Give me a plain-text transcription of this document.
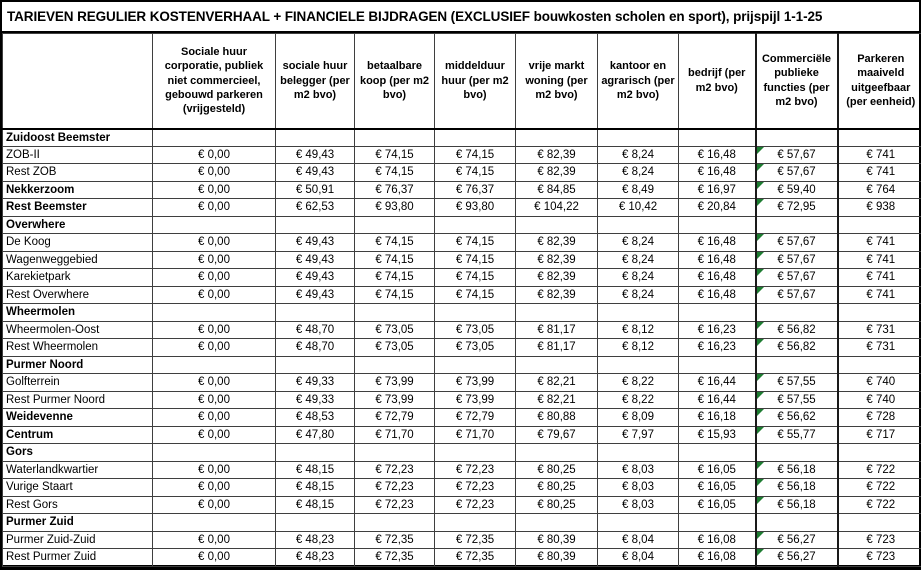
TARIEVEN REGULIER KOSTENVERHAAL + FINANCIELE BIJDRAGEN (EXCLUSIEF bouwkosten scholen en sport), prijspijl 1-1-25
	Sociale huur corporatie, publiek niet commercieel, gebouwd parkeren (vrijgesteld)	sociale huur belegger (per m2 bvo)	betaalbare koop (per m2 bvo)	middelduur huur (per m2 bvo)	vrije markt woning (per m2 bvo)	kantoor en agrarisch (per m2 bvo)	bedrijf (per m2 bvo)	Commerciële publieke functies (per m2 bvo)	Parkeren maaiveld uitgeefbaar (per eenheid)
Zuidoost Beemster									
ZOB-II	€ 0,00	€ 49,43	€ 74,15	€ 74,15	€ 82,39	€ 8,24	€ 16,48	€ 57,67	€ 741
Rest ZOB	€ 0,00	€ 49,43	€ 74,15	€ 74,15	€ 82,39	€ 8,24	€ 16,48	€ 57,67	€ 741
Nekkerzoom	€ 0,00	€ 50,91	€ 76,37	€ 76,37	€ 84,85	€ 8,49	€ 16,97	€ 59,40	€ 764
Rest Beemster	€ 0,00	€ 62,53	€ 93,80	€ 93,80	€ 104,22	€ 10,42	€ 20,84	€ 72,95	€ 938
Overwhere									
De Koog	€ 0,00	€ 49,43	€ 74,15	€ 74,15	€ 82,39	€ 8,24	€ 16,48	€ 57,67	€ 741
Wagenweggebied	€ 0,00	€ 49,43	€ 74,15	€ 74,15	€ 82,39	€ 8,24	€ 16,48	€ 57,67	€ 741
Karekietpark	€ 0,00	€ 49,43	€ 74,15	€ 74,15	€ 82,39	€ 8,24	€ 16,48	€ 57,67	€ 741
Rest Overwhere	€ 0,00	€ 49,43	€ 74,15	€ 74,15	€ 82,39	€ 8,24	€ 16,48	€ 57,67	€ 741
Wheermolen									
Wheermolen-Oost	€ 0,00	€ 48,70	€ 73,05	€ 73,05	€ 81,17	€ 8,12	€ 16,23	€ 56,82	€ 731
Rest Wheermolen	€ 0,00	€ 48,70	€ 73,05	€ 73,05	€ 81,17	€ 8,12	€ 16,23	€ 56,82	€ 731
Purmer Noord									
Golfterrein	€ 0,00	€ 49,33	€ 73,99	€ 73,99	€ 82,21	€ 8,22	€ 16,44	€ 57,55	€ 740
Rest Purmer Noord	€ 0,00	€ 49,33	€ 73,99	€ 73,99	€ 82,21	€ 8,22	€ 16,44	€ 57,55	€ 740
Weidevenne	€ 0,00	€ 48,53	€ 72,79	€ 72,79	€ 80,88	€ 8,09	€ 16,18	€ 56,62	€ 728
Centrum	€ 0,00	€ 47,80	€ 71,70	€ 71,70	€ 79,67	€ 7,97	€ 15,93	€ 55,77	€ 717
Gors									
Waterlandkwartier	€ 0,00	€ 48,15	€ 72,23	€ 72,23	€ 80,25	€ 8,03	€ 16,05	€ 56,18	€ 722
Vurige Staart	€ 0,00	€ 48,15	€ 72,23	€ 72,23	€ 80,25	€ 8,03	€ 16,05	€ 56,18	€ 722
Rest Gors	€ 0,00	€ 48,15	€ 72,23	€ 72,23	€ 80,25	€ 8,03	€ 16,05	€ 56,18	€ 722
Purmer Zuid									
Purmer Zuid-Zuid	€ 0,00	€ 48,23	€ 72,35	€ 72,35	€ 80,39	€ 8,04	€ 16,08	€ 56,27	€ 723
Rest Purmer Zuid	€ 0,00	€ 48,23	€ 72,35	€ 72,35	€ 80,39	€ 8,04	€ 16,08	€ 56,27	€ 723
